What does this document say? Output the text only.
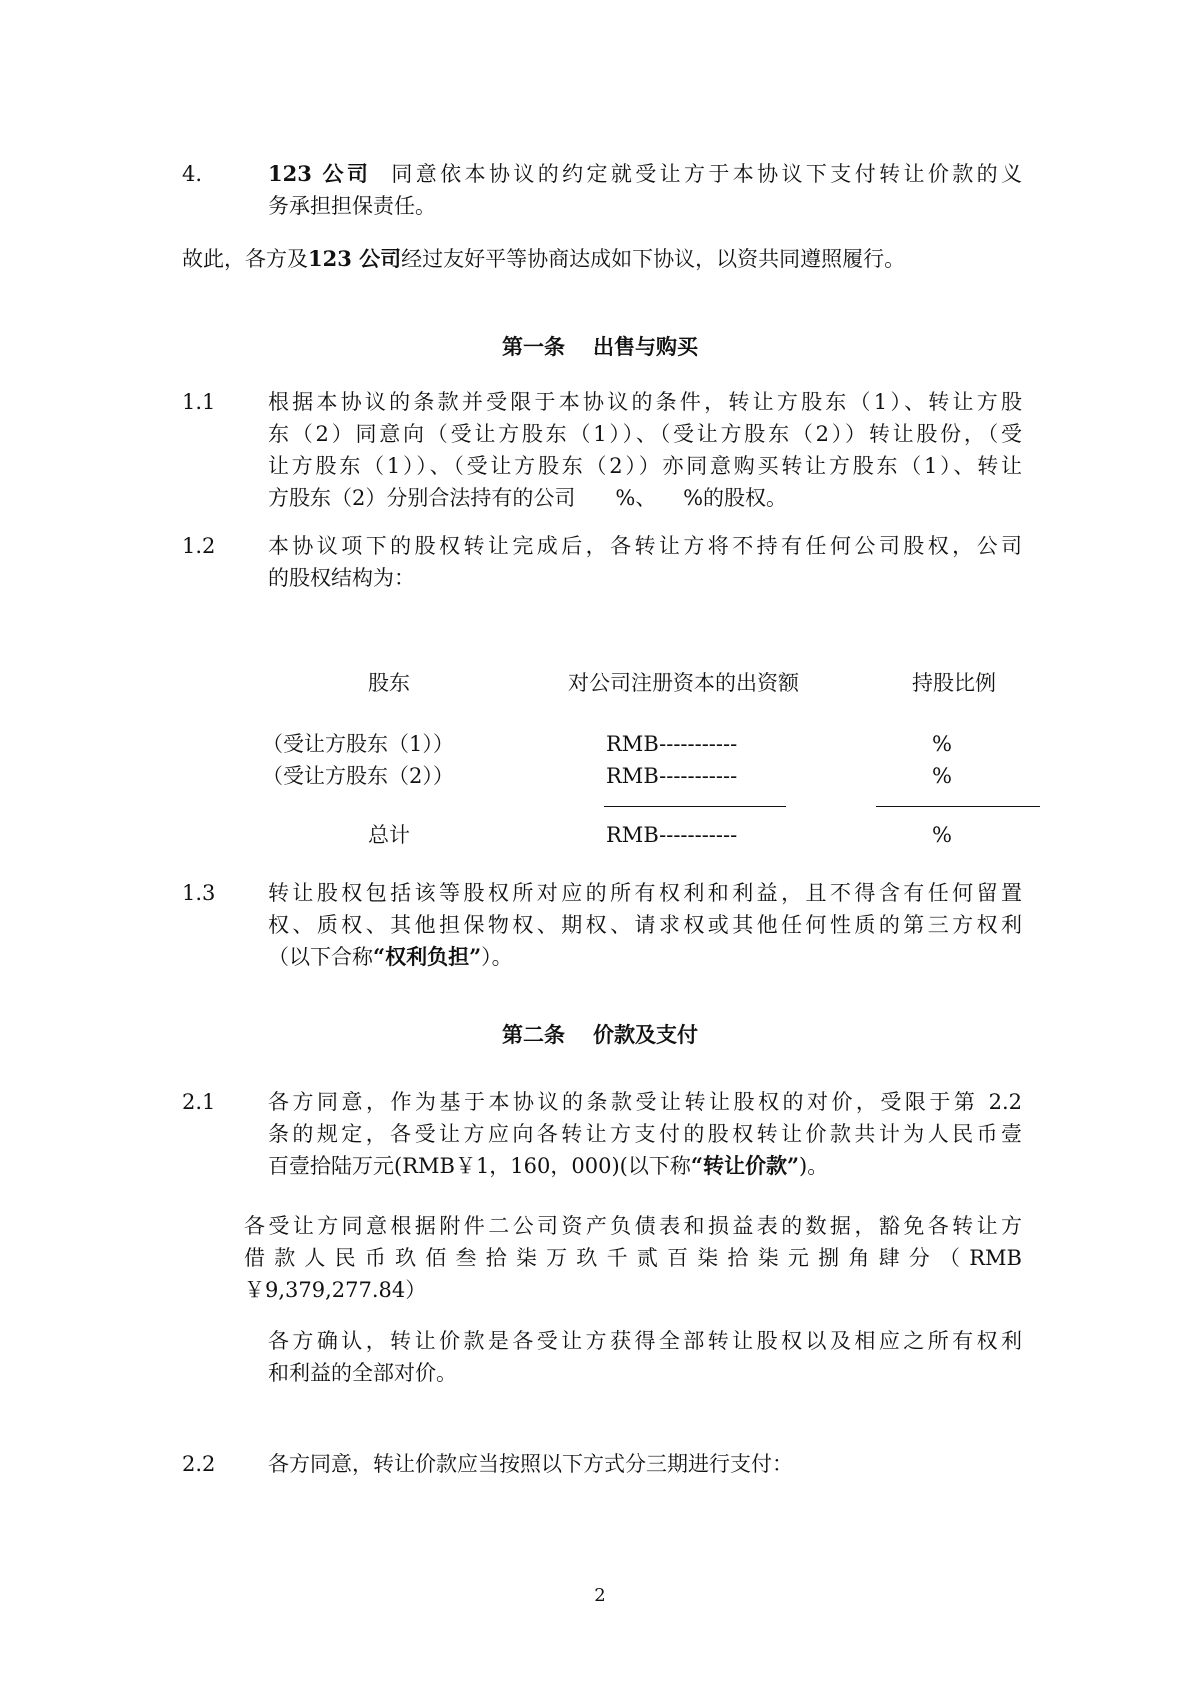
4.	123 公司 同意依本协议的约定就受让方于本协议下支付转让价款的义
务承担担保责任。
故此，各方及123 公司经过友好平等协商达成如下协议，以资共同遵照履行。
第一条 出售与购买
1.1	根据本协议的条款并受限于本协议的条件，转让方股东（1）、转让方股
东（2）同意向（受让方股东（1））、（受让方股东（2））转让股份，（受
让方股东（1））、（受让方股东（2））亦同意购买转让方股东（1）、转让
方股东（2）分别合法持有的公司      %、    %的股权。
1.2	本协议项下的股权转让完成后，各转让方将不持有任何公司股权，公司
的股权结构为：
股东	对公司注册资本的出资额	持股比例
（受让方股东（1））	RMB-----------	%
（受让方股东（2））	RMB-----------	%
总计	RMB-----------	%
1.3	转让股权包括该等股权所对应的所有权利和利益，且不得含有任何留置
权、质权、其他担保物权、期权、请求权或其他任何性质的第三方权利
（以下合称“权利负担”）。
第二条 价款及支付
2.1	各方同意，作为基于本协议的条款受让转让股权的对价，受限于第 2.2
条的规定，各受让方应向各转让方支付的股权转让价款共计为人民币壹
百壹拾陆万元(RMB￥1，160，000)(以下称“转让价款”)。
各受让方同意根据附件二公司资产负债表和损益表的数据，豁免各转让方
借款人民币玖佰叁拾柒万玖千贰百柒拾柒元捌角肆分（RMB
￥9,379,277.84）
各方确认，转让价款是各受让方获得全部转让股权以及相应之所有权利
和利益的全部对价。
2.2	各方同意，转让价款应当按照以下方式分三期进行支付：
2
